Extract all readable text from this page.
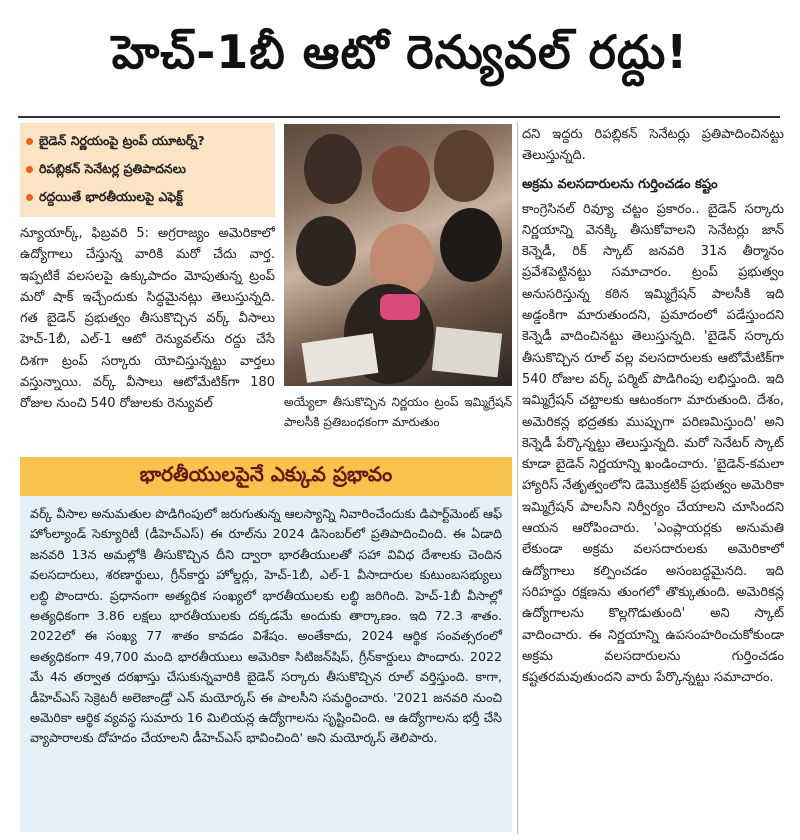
హెచ్-1బీ ఆటో రెన్యువల్ రద్దు!
బైడెన్ నిర్ణయంపై ట్రంప్ యూటర్న్?
రిపబ్లికన్ సెనేటర్ల ప్రతిపాదనలు
రద్దయితే భారతీయులపై ఎఫెక్ట్
న్యూయార్క్, ఫిబ్రవరి 5: అగ్రరాజ్యం అమెరికాలో ఉద్యోగాలు చేస్తున్న వారికి మరో చేదు వార్త. ఇప్పటికే వలసలపై ఉక్కుపాదం మోపుతున్న ట్రంప్ మరో షాక్ ఇచ్చేందుకు సిద్ధమైనట్లు తెలుస్తున్నది. గత బైడెన్ ప్రభుత్వం తీసుకొచ్చిన వర్క్ వీసాలు హెచ్-1బీ, ఎల్-1 ఆటో రెన్యువల్‌ను రద్దు చేసే దిశగా ట్రంప్ సర్కారు యోచిస్తున్నట్టు వార్తలు వస్తున్నాయి. వర్క్ వీసాలు ఆటోమేటిక్‌గా 180 రోజుల నుంచి 540 రోజులకు రెన్యువల్	అయ్యేలా తీసుకొచ్చిన నిర్ణయం ట్రంప్ ఇమ్మిగ్రేషన్ పాలసీకి ప్రతిబంధకంగా మారుతుం
దని ఇద్దరు రిపబ్లికన్ సెనేటర్లు ప్రతిపాదించినట్టు తెలుస్తున్నది.
అక్రమ వలసదారులను గుర్తించడం కష్టం
కాంగ్రెసినల్ రివ్యూ చట్టం ప్రకారం.. బైడెన్ సర్కారు నిర్ణయాన్ని వెనక్కి తీసుకోవాలని సెనేటర్లు జాన్ కెన్నెడీ, రిక్ స్కాట్ జనవరి 31న తీర్మానం ప్రవేశపెట్టినట్టు సమాచారం. ట్రంప్ ప్రభుత్వం అనుసరిస్తున్న కఠిన ఇమ్మిగ్రేషన్ పాలసీకి ఇది అడ్డంకిగా మారుతుందని, ప్రమాదంలో పడేస్తుందని కెన్నెడీ వాదించినట్టు తెలుస్తున్నది. 'బైడెన్ సర్కారు తీసుకొచ్చిన రూల్ వల్ల వలసదారులకు ఆటోమేటిక్‌గా 540 రోజుల వర్క్ పర్మిట్ పొడిగింపు లభిస్తుంది. ఇది ఇమ్మిగ్రేషన్ చట్టాలకు ఆటంకంగా మారుతుంది. దేశం, అమెరికన్ల భద్రతకు ముప్పుగా పరిణమిస్తుంది' అని కెన్నెడీ పేర్కొన్నట్టు తెలుస్తున్నది. మరో సెనేటర్ స్కాట్ కూడా బైడెన్ నిర్ణయాన్ని ఖండించారు. 'బైడెన్-కమలా హ్యారిస్ నేతృత్వంలోని డెమొక్రటిక్ ప్రభుత్వం అమెరికా ఇమ్మిగ్రేషన్ పాలసీని నిర్వీర్యం చేయాలని చూసిందని ఆయన ఆరోపించారు. 'ఎంప్లాయర్లకు అనుమతి లేకుండా అక్రమ వలసదారులకు అమెరికాలో ఉద్యోగాలు కల్పించడం అసంబద్ధమైనది. ఇది సరిహద్దు రక్షణను తుంగలో తొక్కుతుంది. అమెరికన్ల ఉద్యోగాలను కొల్లగొడుతుంది' అని స్కాట్ వాదించారు. ఈ నిర్ణయాన్ని ఉపసంహరించుకోకుండా అక్రమ వలసదారులను గుర్తించడం కష్టతరమవుతుందని వారు పేర్కొన్నట్టు సమాచారం.
భారతీయులపైనే ఎక్కువ ప్రభావం
వర్క్ వీసాల అనుమతుల పొడిగింపులో జరుగుతున్న ఆలస్యాన్ని నివారించేందుకు డిపార్ట్‌మెంట్ ఆఫ్ హోంల్యాండ్ సెక్యూరిటీ (డీహెచ్‌ఎస్) ఈ రూల్‌ను 2024 డిసెంబర్‌లో ప్రతిపాదించింది. ఈ ఏడాది జనవరి 13న అమల్లోకి తీసుకొచ్చిన దీని ద్వారా భారతీయులతో సహా వివిధ దేశాలకు చెందిన వలసదారులు, శరణార్థులు, గ్రీన్‌కార్డు హోల్డర్లు, హెచ్-1బీ, ఎల్-1 వీసాదారుల కుటుంబసభ్యులు లబ్ధి పొందారు. ప్రధానంగా అత్యధిక సంఖ్యలో భారతీయులకు లబ్ధి జరిగింది. హెచ్-1బీ వీసాల్లో అత్యధికంగా 3.86 లక్షలు భారతీయులకు దక్కడమే అందుకు తార్కాణం. ఇది 72.3 శాతం. 2022లో ఈ సంఖ్య 77 శాతం కావడం విశేషం. అంతేకాదు, 2024 ఆర్థిక సంవత్సరంలో అత్యధికంగా 49,700 మంది భారతీయులు అమెరికా సిటిజన్‌షిప్, గ్రీన్‌కార్డులు పొందారు. 2022 మే 4న తర్వాత దరఖాస్తు చేసుకున్నవారికి బైడెన్ సర్కారు తీసుకొచ్చిన రూల్ వర్తిస్తుంది. కాగా, డీహెచ్‌ఎస్ సెక్రెటరీ అలెజాండ్రో ఎన్ మయోర్కస్ ఈ పాలసీని సమర్థించారు. '2021 జనవరి నుంచి అమెరికా ఆర్థిక వ్యవస్థ సుమారు 16 మిలియన్ల ఉద్యోగాలను సృష్టించింది. ఆ ఉద్యోగాలను భర్తీ చేసి వ్యాపారాలకు దోహదం చేయాలని డీహెచ్‌ఎస్ భావించింది' అని మయోర్కస్ తెలిపారు.
